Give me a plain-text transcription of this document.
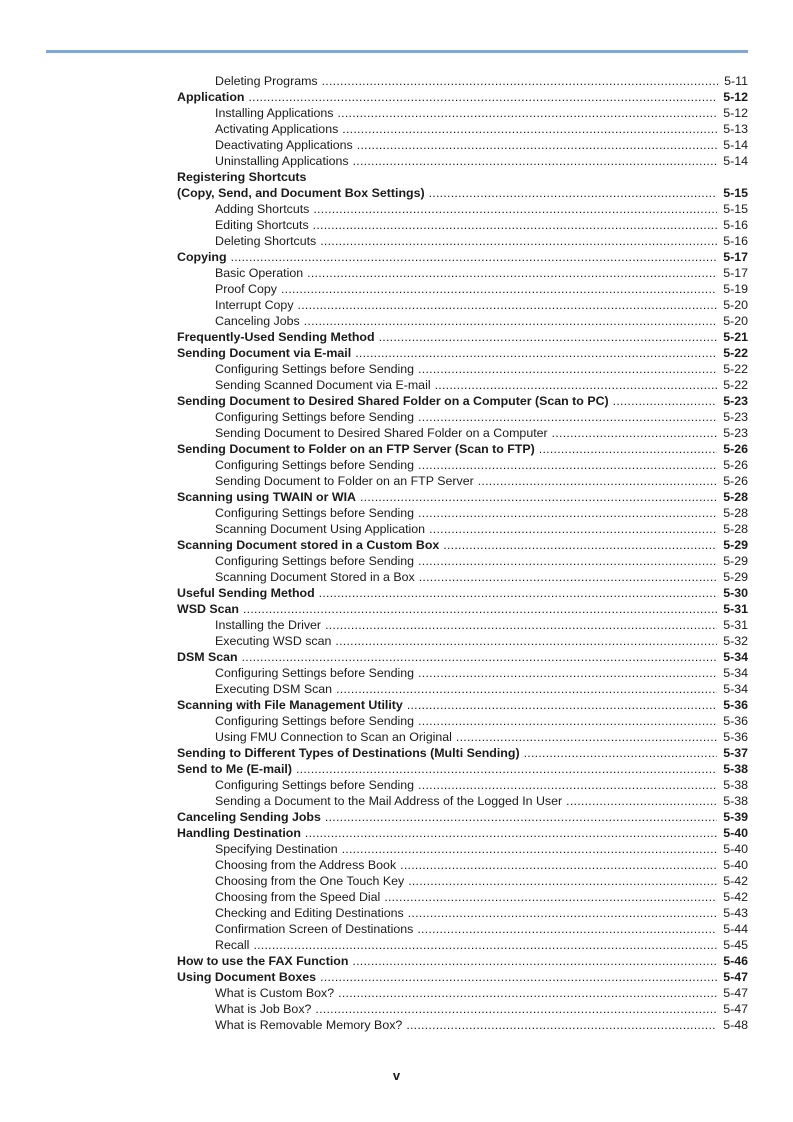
Deleting Programs . . .	5-11
Application . . .	5-12
Installing Applications . . .	5-12
Activating Applications . . .	5-13
Deactivating Applications . . .	5-14
Uninstalling Applications . . .	5-14
Registering Shortcuts
(Copy, Send, and Document Box Settings) . . .	5-15
Adding Shortcuts . . .	5-15
Editing Shortcuts . . .	5-16
Deleting Shortcuts . . .	5-16
Copying . . .	5-17
Basic Operation . . .	5-17
Proof Copy . . .	5-19
Interrupt Copy . . .	5-20
Canceling Jobs . . .	5-20
Frequently-Used Sending Method . . .	5-21
Sending Document via E-mail . . .	5-22
Configuring Settings before Sending . . .	5-22
Sending Scanned Document via E-mail . . .	5-22
Sending Document to Desired Shared Folder on a Computer (Scan to PC) . . .	5-23
Configuring Settings before Sending . . .	5-23
Sending Document to Desired Shared Folder on a Computer . . .	5-23
Sending Document to Folder on an FTP Server (Scan to FTP) . . .	5-26
Configuring Settings before Sending . . .	5-26
Sending Document to Folder on an FTP Server . . .	5-26
Scanning using TWAIN or WIA . . .	5-28
Configuring Settings before Sending . . .	5-28
Scanning Document Using Application . . .	5-28
Scanning Document stored in a Custom Box . . .	5-29
Configuring Settings before Sending . . .	5-29
Scanning Document Stored in a Box . . .	5-29
Useful Sending Method . . .	5-30
WSD Scan . . .	5-31
Installing the Driver . . .	5-31
Executing WSD scan . . .	5-32
DSM Scan . . .	5-34
Configuring Settings before Sending . . .	5-34
Executing DSM Scan . . .	5-34
Scanning with File Management Utility . . .	5-36
Configuring Settings before Sending . . .	5-36
Using FMU Connection to Scan an Original . . .	5-36
Sending to Different Types of Destinations (Multi Sending) . . .	5-37
Send to Me (E-mail) . . .	5-38
Configuring Settings before Sending . . .	5-38
Sending a Document to the Mail Address of the Logged In User . . .	5-38
Canceling Sending Jobs . . .	5-39
Handling Destination . . .	5-40
Specifying Destination . . .	5-40
Choosing from the Address Book . . .	5-40
Choosing from the One Touch Key . . .	5-42
Choosing from the Speed Dial . . .	5-42
Checking and Editing Destinations . . .	5-43
Confirmation Screen of Destinations . . .	5-44
Recall . . .	5-45
How to use the FAX Function . . .	5-46
Using Document Boxes . . .	5-47
What is Custom Box? . . .	5-47
What is Job Box? . . .	5-47
What is Removable Memory Box? . . .	5-48
v
